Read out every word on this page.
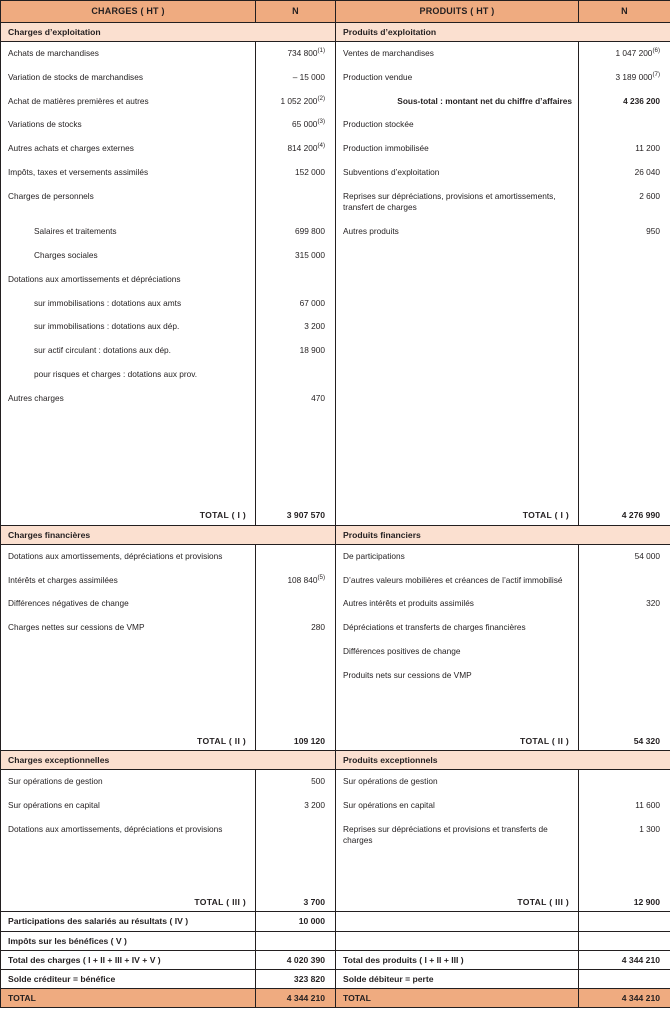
CHARGES ( HT )	N	PRODUITS ( HT )	N
Charges d’exploitation		Produits d’exploitation	
Achats de marchandises	734 800$^{(1)}$	Ventes de marchandises	1 047 200$^{(6)}$
Variation de stocks de marchandises	– 15 000	Production vendue	3 189 000$^{(7)}$
Achat de matières premières et autres	1 052 200$^{(2)}$	Sous-total : montant net du chiffre d’affaires	4 236 200
Variations de stocks	65 000$^{(3)}$	Production stockée	
Autres achats et charges externes	814 200$^{(4)}$	Production immobilisée	11 200
Impôts, taxes et versements assimilés	152 000	Subventions d’exploitation	26 040
Charges de personnels		Reprises sur dépréciations, provisions et amortissements, transfert de charges	2 600

Salaires et traitements	699 800	Autres produits	950

Charges sociales	315 000		
Dotations aux amortissements et dépréciations			

sur immobilisations : dotations aux amts	67 000		

sur immobilisations : dotations aux dép.	3 200		

sur actif circulant : dotations aux dép.	18 900		

pour risques et charges : dotations aux prov.			

Autres charges	470		

TOTAL ( I )	3 907 570	TOTAL ( I )	4 276 990
Charges financières		Produits financiers	
Dotations aux amortissements, dépréciations et provisions		De participations	54 000
Intérêts et charges assimilées	108 840$^{(5)}$	D’autres valeurs mobilières et créances de l’actif immobilisé	
Différences négatives de change		Autres intérêts et produits assimilés	320
Charges nettes sur cessions de VMP	280	Dépréciations et transferts de charges financières	
		Différences positives de change	
		Produits nets sur cessions de VMP	

TOTAL ( II )	109 120	TOTAL ( II )	54 320
Charges exceptionnelles		Produits exceptionnels	
Sur opérations de gestion	500	Sur opérations de gestion	
Sur opérations en capital	3 200	Sur opérations en capital	11 600
Dotations aux amortissements, dépréciations et provisions		Reprises sur dépréciations et provisions et transferts de charges	1 300

TOTAL ( III )	3 700	TOTAL ( III )	12 900
Participations des salariés au résultats ( IV )	10 000		
Impôts sur les bénéfices ( V )			
Total des charges ( I + II + III + IV + V )	4 020 390	Total des produits ( I + II + III )	4 344 210
Solde créditeur = bénéfice	323 820	Solde débiteur = perte	
TOTAL	4 344 210	TOTAL	4 344 210
